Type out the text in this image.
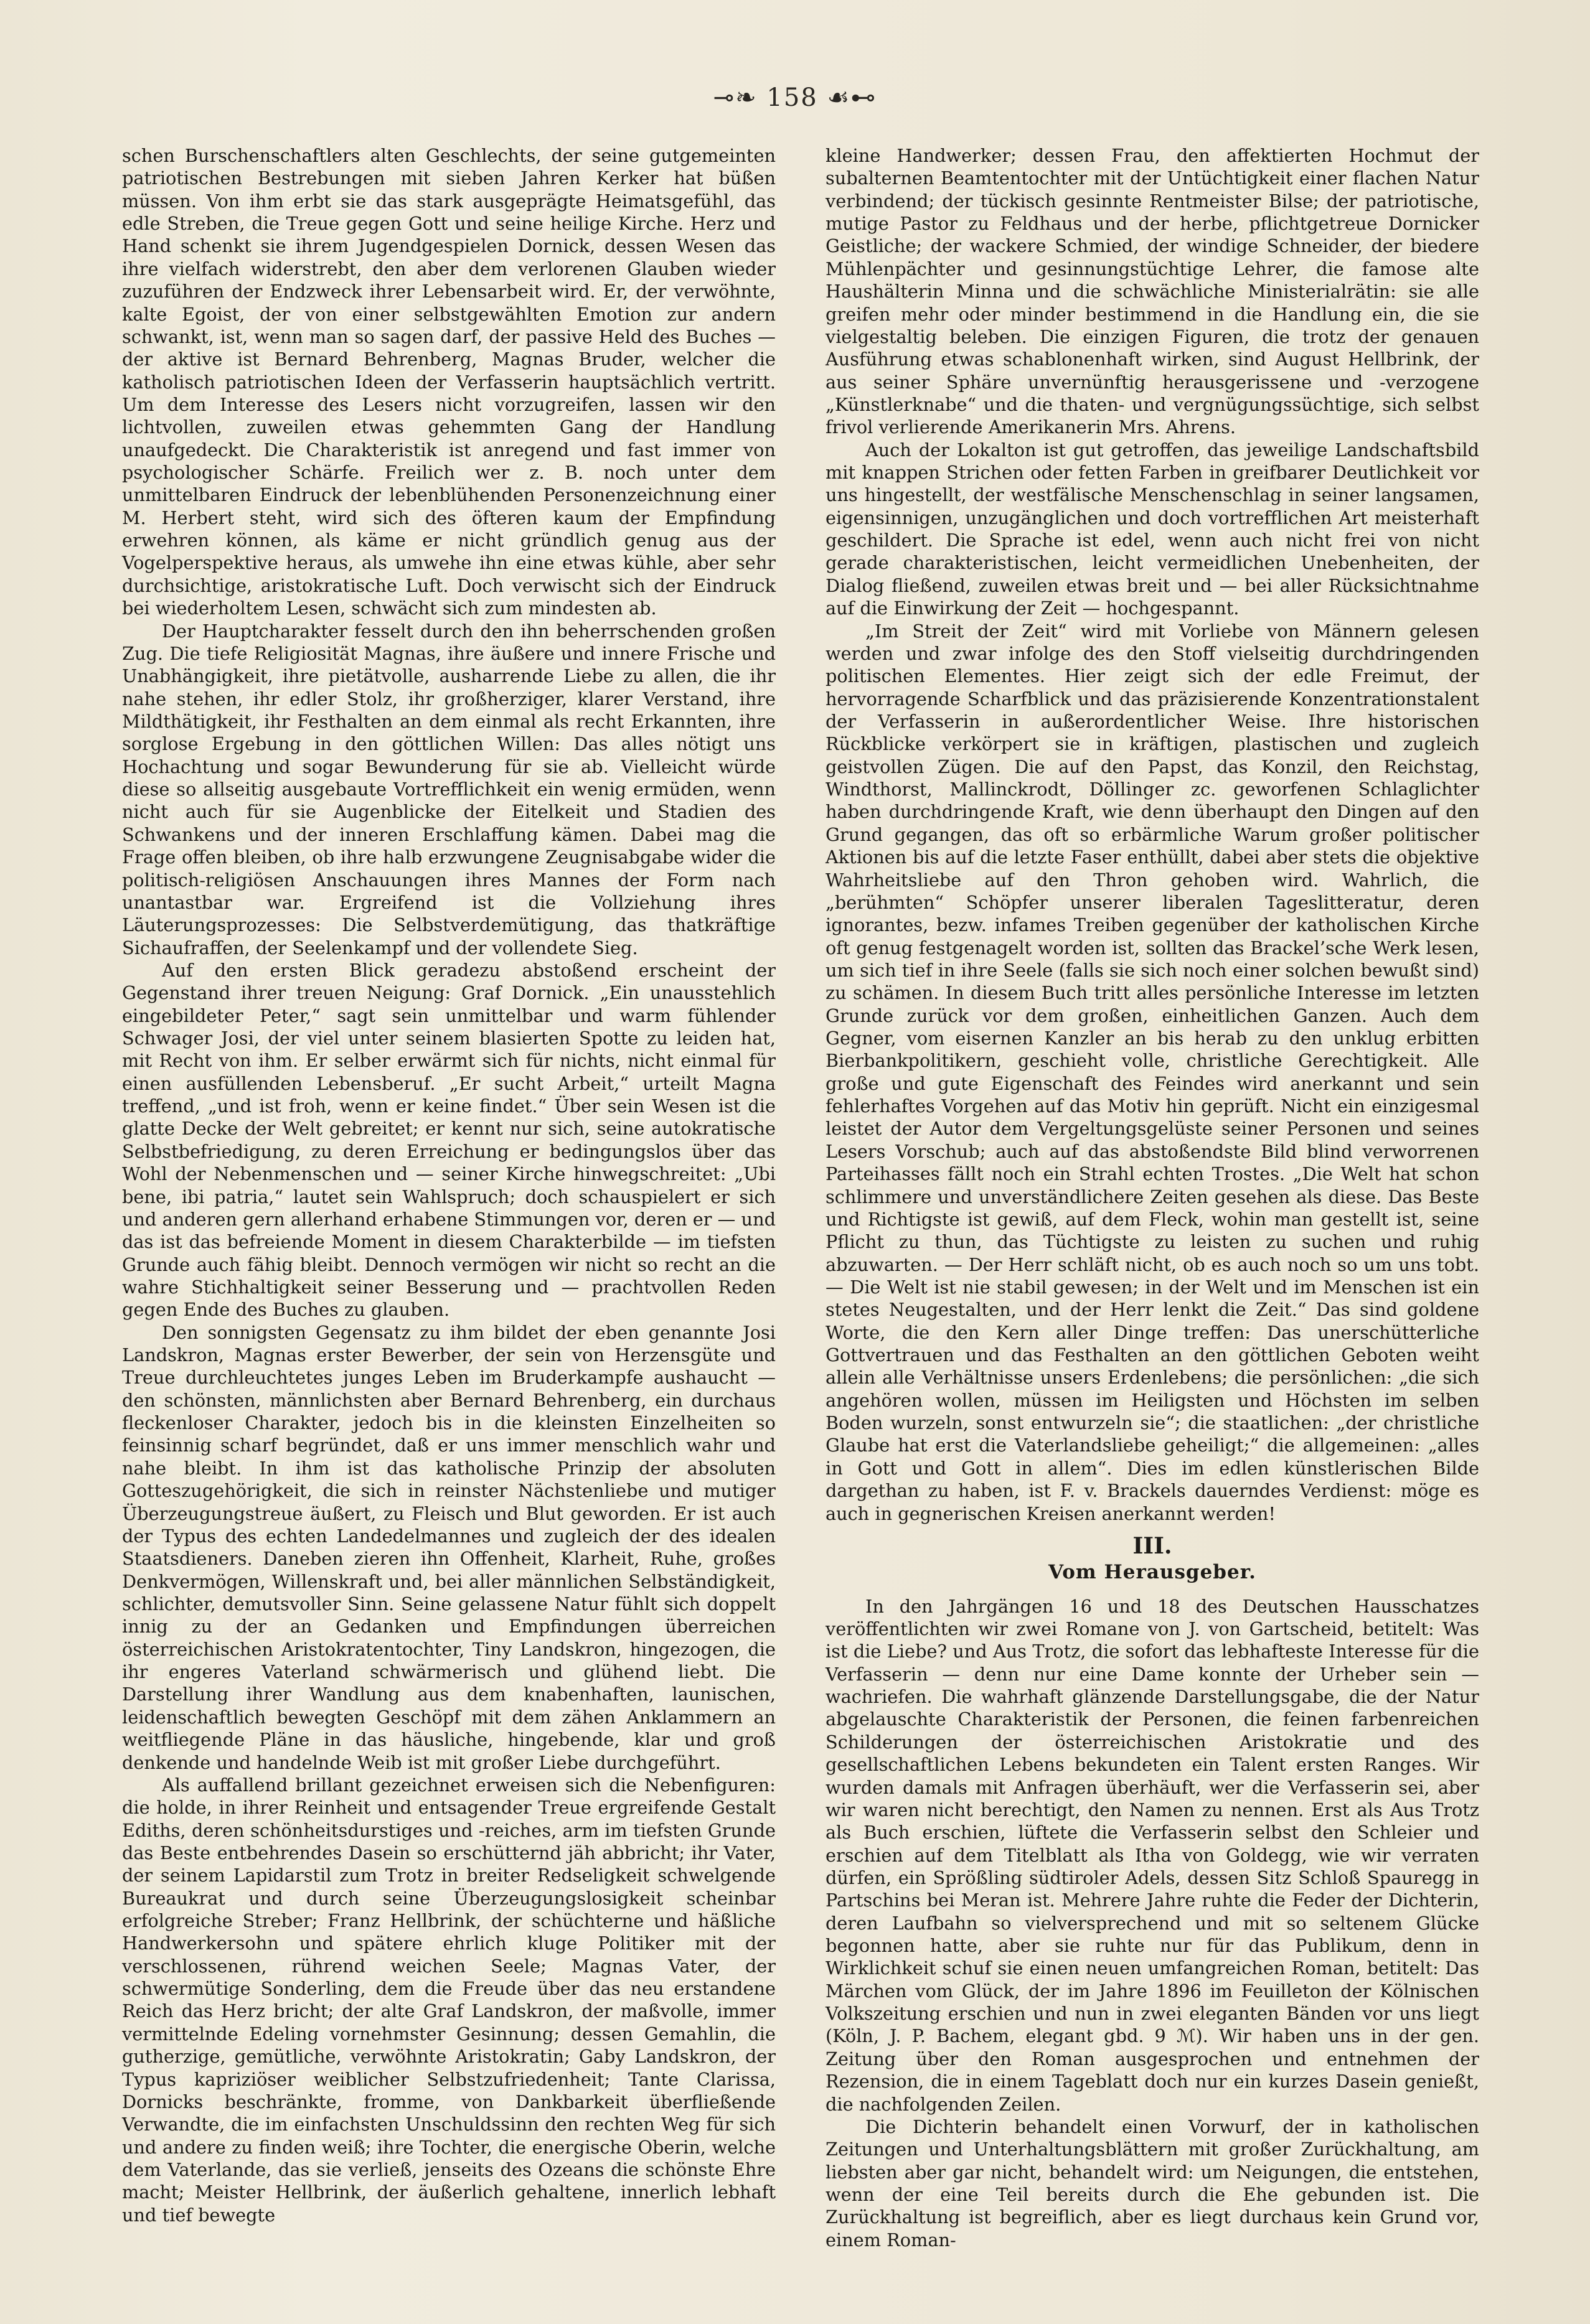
⊸❧ 158 ☙⊷

schen Burschenschaftlers alten Geschlechts, der seine gutgemeinten patriotischen Bestrebungen mit sieben Jahren Kerker hat büßen müssen. Von ihm erbt sie das stark ausgeprägte Heimatsgefühl, das edle Streben, die Treue gegen Gott und seine heilige Kirche. Herz und Hand schenkt sie ihrem Jugendgespielen Dornick, dessen Wesen das ihre vielfach widerstrebt, den aber dem verlorenen Glauben wieder zuzuführen der Endzweck ihrer Lebensarbeit wird. Er, der verwöhnte, kalte Egoist, der von einer selbstgewählten Emotion zur andern schwankt, ist, wenn man so sagen darf, der passive Held des Buches — der aktive ist Bernard Behrenberg, Magnas Bruder, welcher die katholisch patriotischen Ideen der Verfasserin hauptsächlich vertritt. Um dem Interesse des Lesers nicht vorzugreifen, lassen wir den lichtvollen, zuweilen etwas gehemmten Gang der Handlung unaufgedeckt. Die Charakteristik ist anregend und fast immer von psychologischer Schärfe. Freilich wer z. B. noch unter dem unmittelbaren Eindruck der lebenblühenden Personenzeichnung einer M. Herbert steht, wird sich des öfteren kaum der Empfindung erwehren können, als käme er nicht gründlich genug aus der Vogelperspektive heraus, als umwehe ihn eine etwas kühle, aber sehr durchsichtige, aristokratische Luft. Doch verwischt sich der Eindruck bei wiederholtem Lesen, schwächt sich zum mindesten ab.

Der Hauptcharakter fesselt durch den ihn beherrschenden großen Zug. Die tiefe Religiosität Magnas, ihre äußere und innere Frische und Unabhängigkeit, ihre pietätvolle, ausharrende Liebe zu allen, die ihr nahe stehen, ihr edler Stolz, ihr großherziger, klarer Verstand, ihre Mildthätigkeit, ihr Festhalten an dem einmal als recht Erkannten, ihre sorglose Ergebung in den göttlichen Willen: Das alles nötigt uns Hochachtung und sogar Bewunderung für sie ab. Vielleicht würde diese so allseitig ausgebaute Vortrefflichkeit ein wenig ermüden, wenn nicht auch für sie Augenblicke der Eitelkeit und Stadien des Schwankens und der inneren Erschlaffung kämen. Dabei mag die Frage offen bleiben, ob ihre halb erzwungene Zeugnisabgabe wider die politisch-religiösen Anschauungen ihres Mannes der Form nach unantastbar war. Ergreifend ist die Vollziehung ihres Läuterungsprozesses: Die Selbstverdemütigung, das thatkräftige Sichaufraffen, der Seelenkampf und der vollendete Sieg.

Auf den ersten Blick geradezu abstoßend erscheint der Gegenstand ihrer treuen Neigung: Graf Dornick. „Ein unausstehlich eingebildeter Peter,“ sagt sein unmittelbar und warm fühlender Schwager Josi, der viel unter seinem blasierten Spotte zu leiden hat, mit Recht von ihm. Er selber erwärmt sich für nichts, nicht einmal für einen ausfüllenden Lebensberuf. „Er sucht Arbeit,“ urteilt Magna treffend, „und ist froh, wenn er keine findet.“ Über sein Wesen ist die glatte Decke der Welt gebreitet; er kennt nur sich, seine autokratische Selbstbefriedigung, zu deren Erreichung er bedingungslos über das Wohl der Nebenmenschen und — seiner Kirche hinwegschreitet: „Ubi bene, ibi patria,“ lautet sein Wahlspruch; doch schauspielert er sich und anderen gern allerhand erhabene Stimmungen vor, deren er — und das ist das befreiende Moment in diesem Charakterbilde — im tiefsten Grunde auch fähig bleibt. Dennoch vermögen wir nicht so recht an die wahre Stichhaltigkeit seiner Besserung und — prachtvollen Reden gegen Ende des Buches zu glauben.

Den sonnigsten Gegensatz zu ihm bildet der eben genannte Josi Landskron, Magnas erster Bewerber, der sein von Herzensgüte und Treue durchleuchtetes junges Leben im Bruderkampfe aushaucht — den schönsten, männlichsten aber Bernard Behrenberg, ein durchaus fleckenloser Charakter, jedoch bis in die kleinsten Einzelheiten so feinsinnig scharf begründet, daß er uns immer menschlich wahr und nahe bleibt. In ihm ist das katholische Prinzip der absoluten Gotteszugehörigkeit, die sich in reinster Nächstenliebe und mutiger Überzeugungstreue äußert, zu Fleisch und Blut geworden. Er ist auch der Typus des echten Landedelmannes und zugleich der des idealen Staatsdieners. Daneben zieren ihn Offenheit, Klarheit, Ruhe, großes Denkvermögen, Willenskraft und, bei aller männlichen Selbständigkeit, schlichter, demutsvoller Sinn. Seine gelassene Natur fühlt sich doppelt innig zu der an Gedanken und Empfindungen überreichen österreichischen Aristokratentochter, Tiny Landskron, hingezogen, die ihr engeres Vaterland schwärmerisch und glühend liebt. Die Darstellung ihrer Wandlung aus dem knabenhaften, launischen, leidenschaftlich bewegten Geschöpf mit dem zähen Anklammern an weitfliegende Pläne in das häusliche, hingebende, klar und groß denkende und handelnde Weib ist mit großer Liebe durchgeführt.

Als auffallend brillant gezeichnet erweisen sich die Nebenfiguren: die holde, in ihrer Reinheit und entsagender Treue ergreifende Gestalt Ediths, deren schönheitsdurstiges und -reiches, arm im tiefsten Grunde das Beste entbehrendes Dasein so erschütternd jäh abbricht; ihr Vater, der seinem Lapidarstil zum Trotz in breiter Redseligkeit schwelgende Bureaukrat und durch seine Überzeugungslosigkeit scheinbar erfolgreiche Streber; Franz Hellbrink, der schüchterne und häßliche Handwerkersohn und spätere ehrlich kluge Politiker mit der verschlossenen, rührend weichen Seele; Magnas Vater, der schwermütige Sonderling, dem die Freude über das neu erstandene Reich das Herz bricht; der alte Graf Landskron, der maßvolle, immer vermittelnde Edeling vornehmster Gesinnung; dessen Gemahlin, die gutherzige, gemütliche, verwöhnte Aristokratin; Gaby Landskron, der Typus kapriziöser weiblicher Selbstzufriedenheit; Tante Clarissa, Dornicks beschränkte, fromme, von Dankbarkeit überfließende Verwandte, die im einfachsten Unschuldssinn den rechten Weg für sich und andere zu finden weiß; ihre Tochter, die energische Oberin, welche dem Vaterlande, das sie verließ, jenseits des Ozeans die schönste Ehre macht; Meister Hellbrink, der äußerlich gehaltene, innerlich lebhaft und tief bewegte

kleine Handwerker; dessen Frau, den affektierten Hochmut der subalternen Beamtentochter mit der Untüchtigkeit einer flachen Natur verbindend; der tückisch gesinnte Rentmeister Bilse; der patriotische, mutige Pastor zu Feldhaus und der herbe, pflichtgetreue Dornicker Geistliche; der wackere Schmied, der windige Schneider, der biedere Mühlenpächter und gesinnungstüchtige Lehrer, die famose alte Haushälterin Minna und die schwächliche Ministerialrätin: sie alle greifen mehr oder minder bestimmend in die Handlung ein, die sie vielgestaltig beleben. Die einzigen Figuren, die trotz der genauen Ausführung etwas schablonenhaft wirken, sind August Hellbrink, der aus seiner Sphäre unvernünftig herausgerissene und -verzogene „Künstlerknabe“ und die thaten- und vergnügungssüchtige, sich selbst frivol verlierende Amerikanerin Mrs. Ahrens.

Auch der Lokalton ist gut getroffen, das jeweilige Landschaftsbild mit knappen Strichen oder fetten Farben in greifbarer Deutlichkeit vor uns hingestellt, der westfälische Menschenschlag in seiner langsamen, eigensinnigen, unzugänglichen und doch vortrefflichen Art meisterhaft geschildert. Die Sprache ist edel, wenn auch nicht frei von nicht gerade charakteristischen, leicht vermeidlichen Unebenheiten, der Dialog fließend, zuweilen etwas breit und — bei aller Rücksichtnahme auf die Einwirkung der Zeit — hochgespannt.

„Im Streit der Zeit“ wird mit Vorliebe von Männern gelesen werden und zwar infolge des den Stoff vielseitig durchdringenden politischen Elementes. Hier zeigt sich der edle Freimut, der hervorragende Scharfblick und das präzisierende Konzentrationstalent der Verfasserin in außerordentlicher Weise. Ihre historischen Rückblicke verkörpert sie in kräftigen, plastischen und zugleich geistvollen Zügen. Die auf den Papst, das Konzil, den Reichstag, Windthorst, Mallinckrodt, Döllinger zc. geworfenen Schlaglichter haben durchdringende Kraft, wie denn überhaupt den Dingen auf den Grund gegangen, das oft so erbärmliche Warum großer politischer Aktionen bis auf die letzte Faser enthüllt, dabei aber stets die objektive Wahrheitsliebe auf den Thron gehoben wird. Wahrlich, die „berühmten“ Schöpfer unserer liberalen Tageslitteratur, deren ignorantes, bezw. infames Treiben gegenüber der katholischen Kirche oft genug festgenagelt worden ist, sollten das Brackel’sche Werk lesen, um sich tief in ihre Seele (falls sie sich noch einer solchen bewußt sind) zu schämen. In diesem Buch tritt alles persönliche Interesse im letzten Grunde zurück vor dem großen, einheitlichen Ganzen. Auch dem Gegner, vom eisernen Kanzler an bis herab zu den unklug erbitten Bierbankpolitikern, geschieht volle, christliche Gerechtigkeit. Alle große und gute Eigenschaft des Feindes wird anerkannt und sein fehlerhaftes Vorgehen auf das Motiv hin geprüft. Nicht ein einzigesmal leistet der Autor dem Vergeltungsgelüste seiner Personen und seines Lesers Vorschub; auch auf das abstoßendste Bild blind verworrenen Parteihasses fällt noch ein Strahl echten Trostes. „Die Welt hat schon schlimmere und unverständlichere Zeiten gesehen als diese. Das Beste und Richtigste ist gewiß, auf dem Fleck, wohin man gestellt ist, seine Pflicht zu thun, das Tüchtigste zu leisten zu suchen und ruhig abzuwarten. — Der Herr schläft nicht, ob es auch noch so um uns tobt. — Die Welt ist nie stabil gewesen; in der Welt und im Menschen ist ein stetes Neugestalten, und der Herr lenkt die Zeit.“ Das sind goldene Worte, die den Kern aller Dinge treffen: Das unerschütterliche Gottvertrauen und das Festhalten an den göttlichen Geboten weiht allein alle Verhältnisse unsers Erdenlebens; die persönlichen: „die sich angehören wollen, müssen im Heiligsten und Höchsten im selben Boden wurzeln, sonst entwurzeln sie“; die staatlichen: „der christliche Glaube hat erst die Vaterlandsliebe geheiligt;“ die allgemeinen: „alles in Gott und Gott in allem“. Dies im edlen künstlerischen Bilde dargethan zu haben, ist F. v. Brackels dauerndes Verdienst: möge es auch in gegnerischen Kreisen anerkannt werden!

III.
Vom Herausgeber.

In den Jahrgängen 16 und 18 des Deutschen Hausschatzes veröffentlichten wir zwei Romane von J. von Gartscheid, betitelt: Was ist die Liebe? und Aus Trotz, die sofort das lebhafteste Interesse für die Verfasserin — denn nur eine Dame konnte der Urheber sein — wachriefen. Die wahrhaft glänzende Darstellungsgabe, die der Natur abgelauschte Charakteristik der Personen, die feinen farbenreichen Schilderungen der österreichischen Aristokratie und des gesellschaftlichen Lebens bekundeten ein Talent ersten Ranges. Wir wurden damals mit Anfragen überhäuft, wer die Verfasserin sei, aber wir waren nicht berechtigt, den Namen zu nennen. Erst als Aus Trotz als Buch erschien, lüftete die Verfasserin selbst den Schleier und erschien auf dem Titelblatt als Itha von Goldegg, wie wir verraten dürfen, ein Sprößling südtiroler Adels, dessen Sitz Schloß Spauregg in Partschins bei Meran ist. Mehrere Jahre ruhte die Feder der Dichterin, deren Laufbahn so vielversprechend und mit so seltenem Glücke begonnen hatte, aber sie ruhte nur für das Publikum, denn in Wirklichkeit schuf sie einen neuen umfangreichen Roman, betitelt: Das Märchen vom Glück, der im Jahre 1896 im Feuilleton der Kölnischen Volkszeitung erschien und nun in zwei eleganten Bänden vor uns liegt (Köln, J. P. Bachem, elegant gbd. 9 ℳ). Wir haben uns in der gen. Zeitung über den Roman ausgesprochen und entnehmen der Rezension, die in einem Tageblatt doch nur ein kurzes Dasein genießt, die nachfolgenden Zeilen.

Die Dichterin behandelt einen Vorwurf, der in katholischen Zeitungen und Unterhaltungsblättern mit großer Zurückhaltung, am liebsten aber gar nicht, behandelt wird: um Neigungen, die entstehen, wenn der eine Teil bereits durch die Ehe gebunden ist. Die Zurückhaltung ist begreiflich, aber es liegt durchaus kein Grund vor, einem Roman-
